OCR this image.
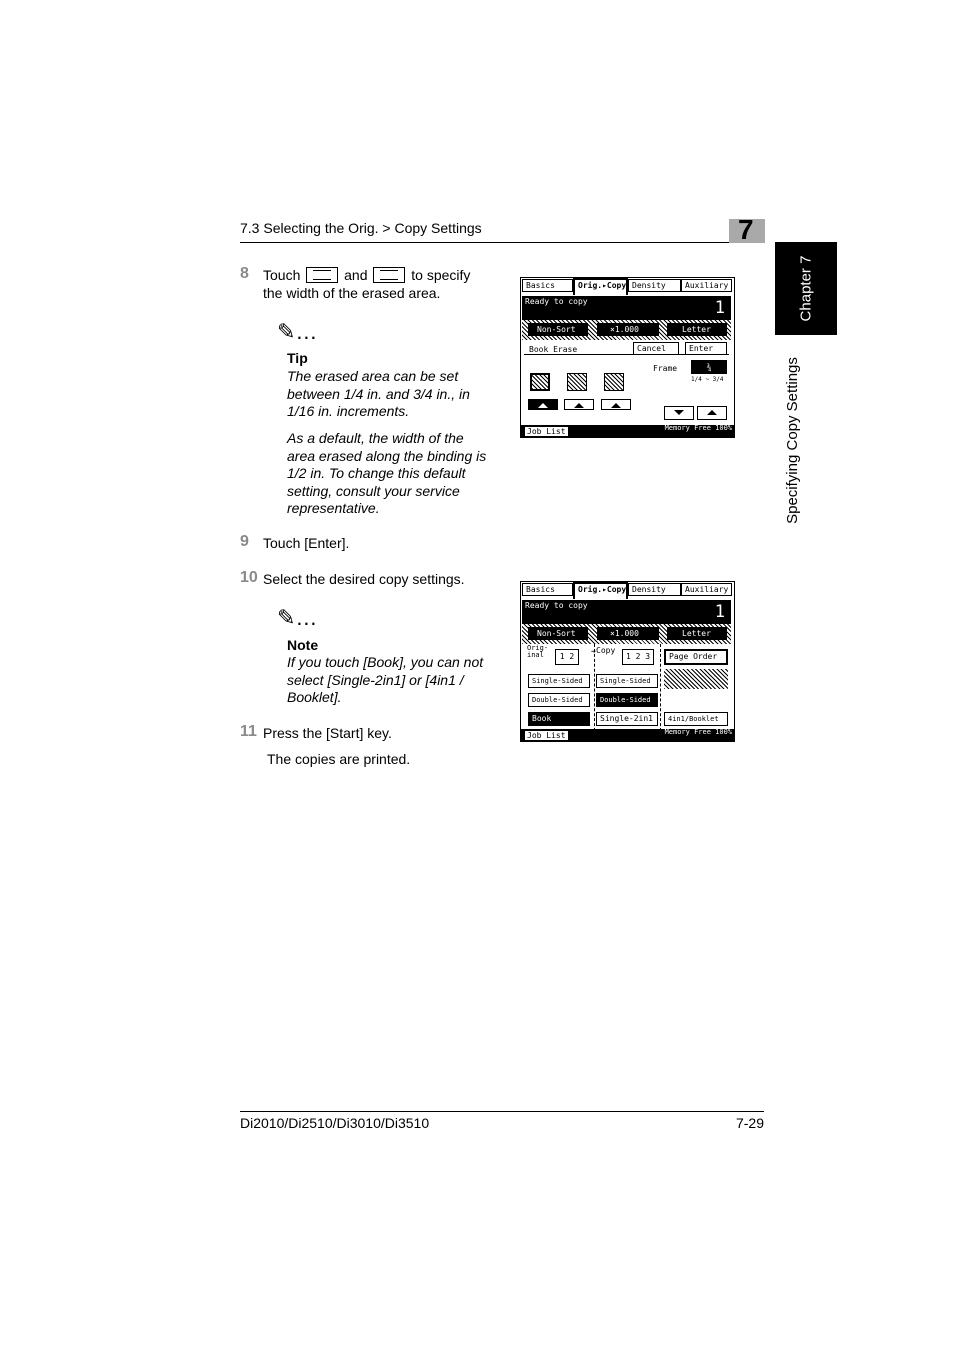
7.3 Selecting the Orig. > Copy Settings	7
Chapter 7
Specifying Copy Settings
8 Touch	and	to specify the width of the erased area.
✎…
Tip
The erased area can be set between 1/4 in. and 3/4 in., in 1/16 in. increments.
As a default, the width of the area erased along the binding is 1/2 in. To change this default setting, consult your service representative.
9 Touch [Enter].
10 Select the desired copy settings.
✎…
Note
If you touch [Book], you can not select [Single-2in1] or [4in1 / Booklet].
11 Press the [Start] key.
The copies are printed.
Basics	Orig.▸Copy Density	Auxiliary
Ready to copy	1
Non-Sort	×1.000	Letter
Book Erase	Cancel	Enter
Frame	¾
1/4 ~ 3/4
Job List	Memory Free 100%
Basics	Orig.▸Copy Density	Auxiliary
Ready to copy	1
Non-Sort	×1.000	Letter
Orig-inal	1 2
➜ Copy
1 2 3	Page Order
Single-Sided
Double-Sided
Book
Single-Sided
Double-Sided
Single-2in1	4in1/Booklet
Job List	Memory Free 100%
Di2010/Di2510/Di3010/Di3510	7-29
